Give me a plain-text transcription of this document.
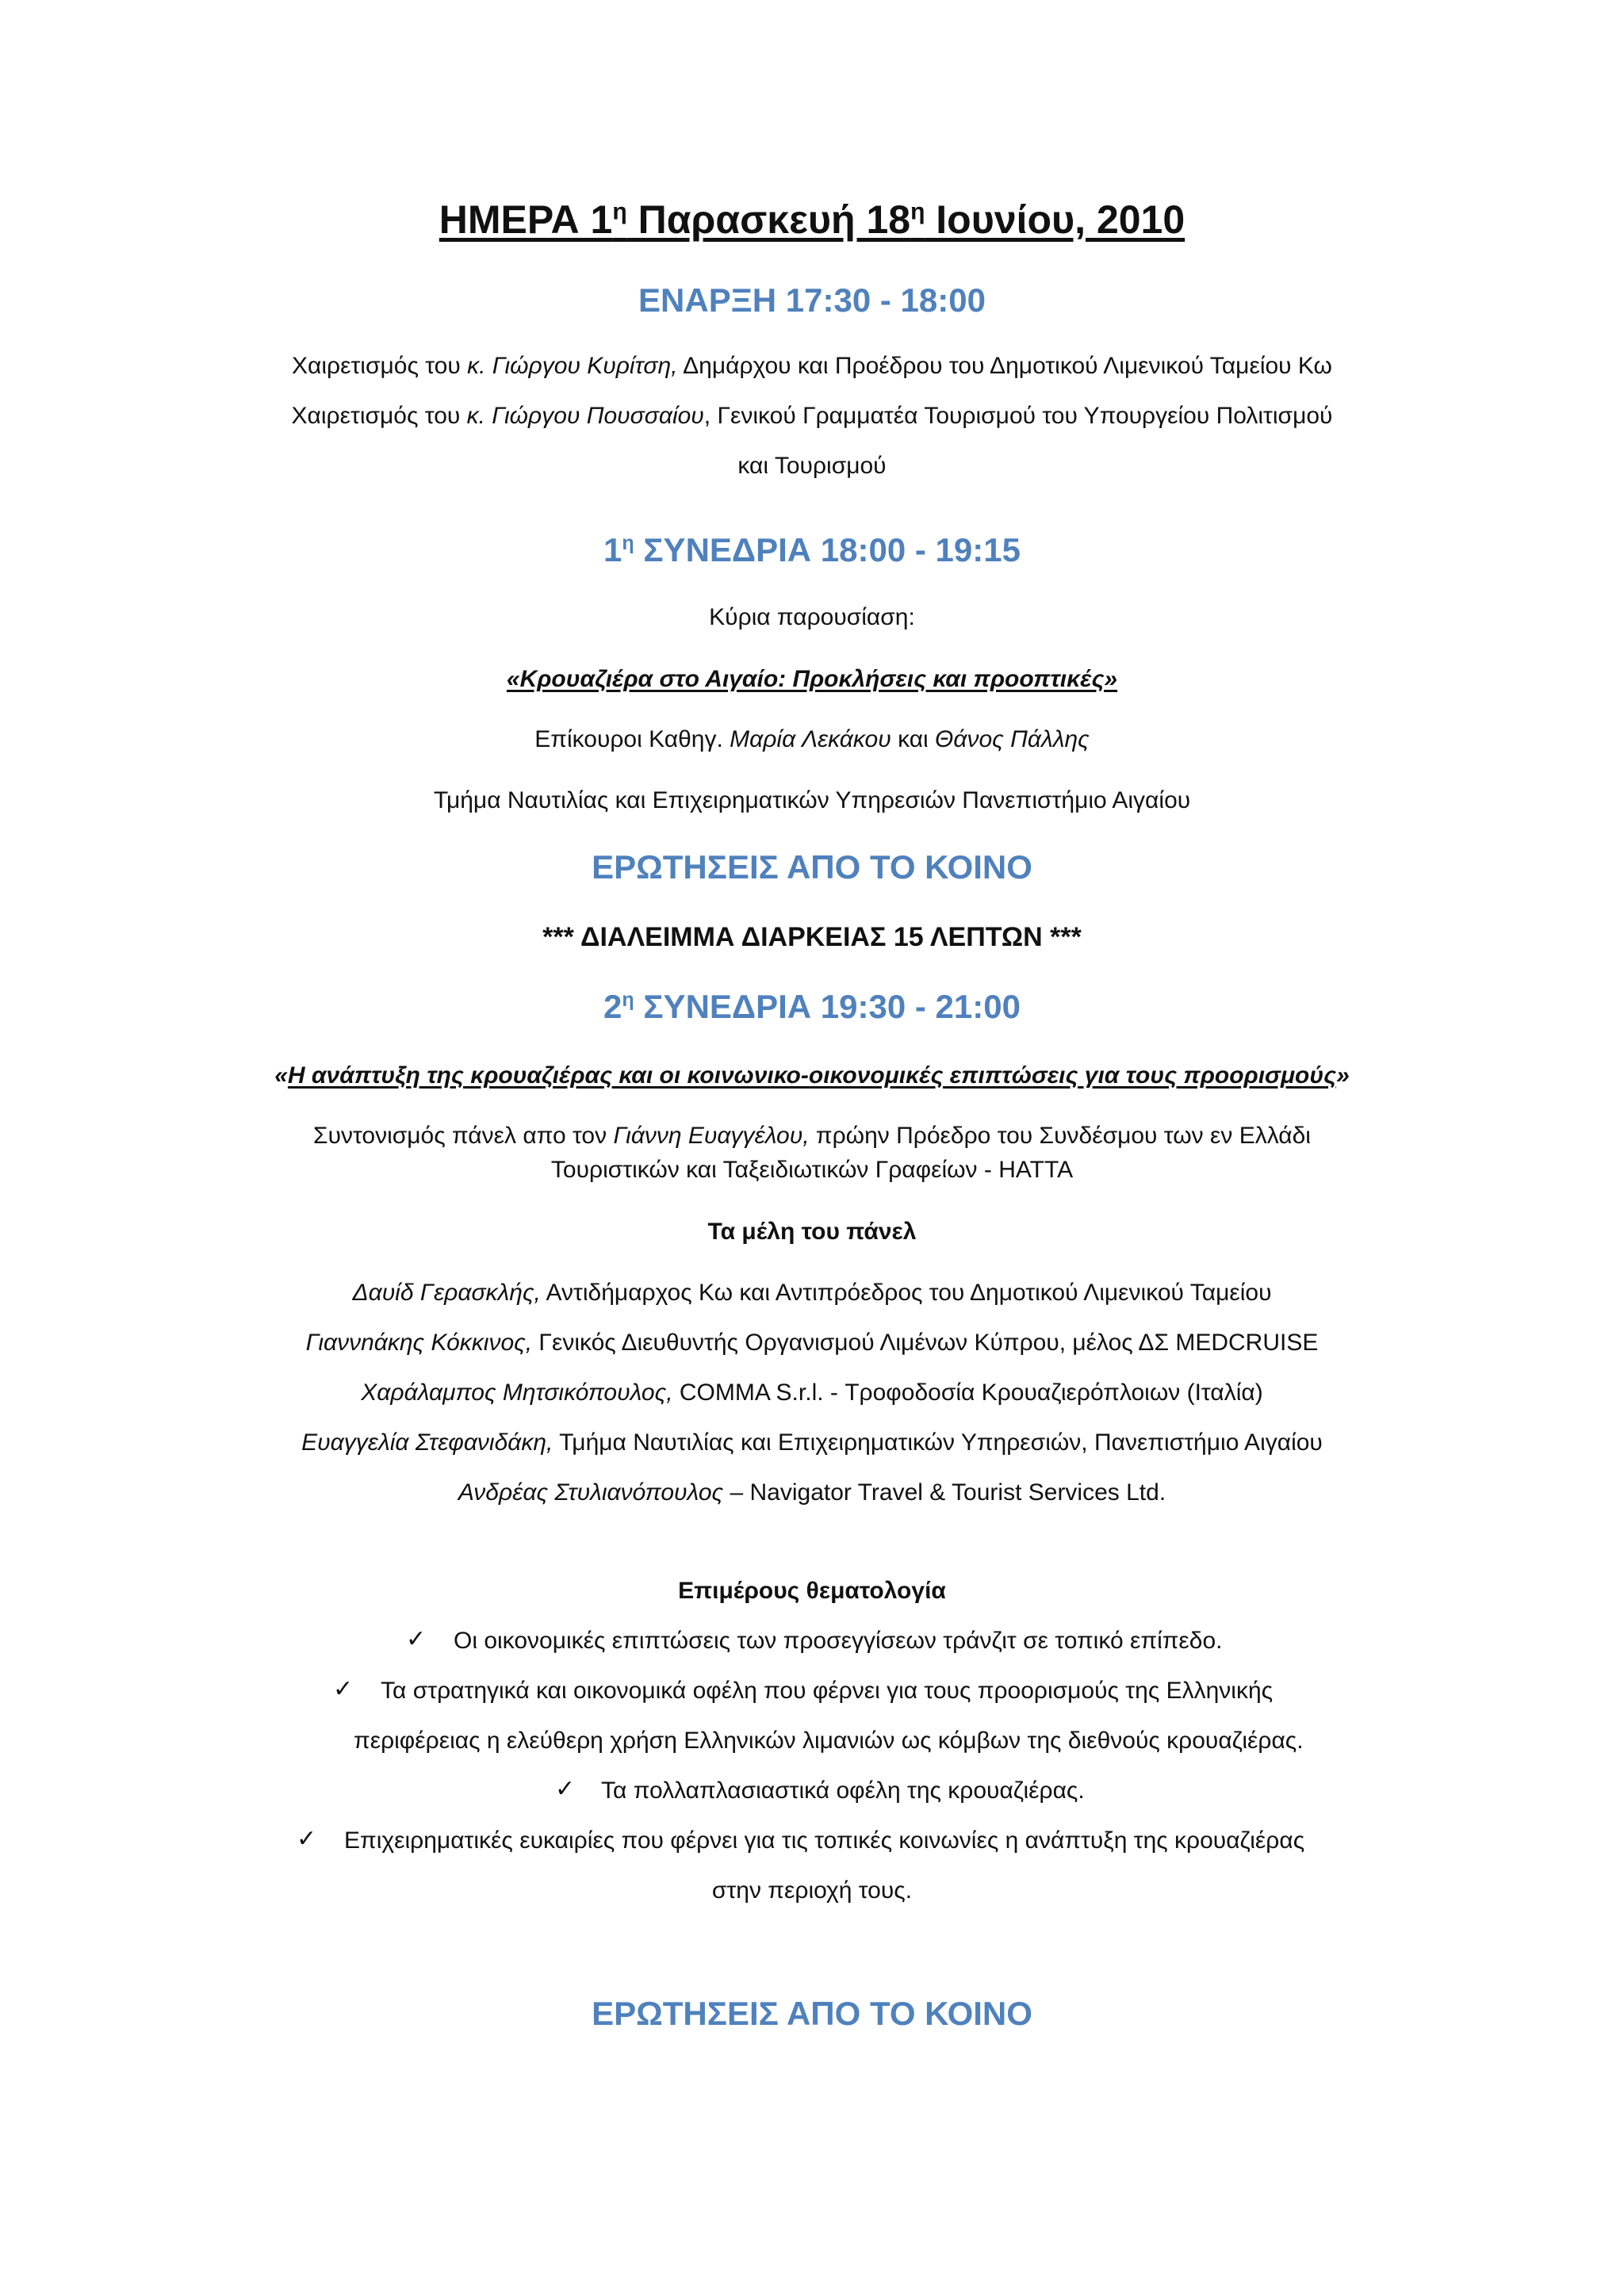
ΗΜΕΡΑ $1^\eta$ Παρασκευή $18^\eta$ Ιουνίου, 2010
ΕΝΑΡΞΗ 17:30 - 18:00
Χαιρετισμός του κ. Γιώργου Κυρίτση, Δημάρχου και Προέδρου του Δημοτικού Λιμενικού Ταμείου Κω
Χαιρετισμός του κ. Γιώργου Πουσσαίου, Γενικού Γραμματέα Τουρισμού του Υπουργείου Πολιτισμού
και Τουρισμού
$1^\eta$ ΣΥΝΕΔΡΙΑ 18:00 - 19:15
Κύρια παρουσίαση:
«Κρουαζιέρα στο Αιγαίο: Προκλήσεις και προοπτικές»
Επίκουροι Καθηγ. Μαρία Λεκάκου και Θάνος Πάλλης
Τμήμα Ναυτιλίας και Επιχειρηματικών Υπηρεσιών Πανεπιστήμιο Αιγαίου
ΕΡΩΤΗΣΕΙΣ ΑΠΟ ΤΟ ΚΟΙΝΟ
*** ΔΙΑΛΕΙΜΜΑ ΔΙΑΡΚΕΙΑΣ 15 ΛΕΠΤΩΝ ***
$2^\eta$ ΣΥΝΕΔΡΙΑ 19:30 - 21:00
«Η ανάπτυξη της κρουαζιέρας και οι κοινωνικο-οικονομικές επιπτώσεις για τους προορισμούς»
Συντονισμός πάνελ απο τον Γιάννη Ευαγγέλου, πρώην Πρόεδρο του Συνδέσμου των εν Ελλάδι
Τουριστικών και Ταξειδιωτικών Γραφείων - HATTA
Τα μέλη του πάνελ
Δαυίδ Γερασκλής, Αντιδήμαρχος Κω και Αντιπρόεδρος του Δημοτικού Λιμενικού Ταμείου
Γιαννnάκης Κόκκινος, Γενικός Διευθυντής Οργανισμού Λιμένων Κύπρου, μέλος ΔΣ MEDCRUISE
Χαράλαμπος Μητσικόπουλος, COMMA S.r.l. - Τροφοδοσία Κρουαζιερόπλοιων (Ιταλία)
Ευαγγελία Στεφανιδάκη, Τμήμα Ναυτιλίας και Επιχειρηματικών Υπηρεσιών, Πανεπιστήμιο Αιγαίου
Ανδρέας Στυλιανόπουλος – Navigator Travel & Tourist Services Ltd.
Επιμέρους θεματολογία
✓ Οι οικονομικές επιπτώσεις των προσεγγίσεων τράνζιτ σε τοπικό επίπεδο.
✓ Τα στρατηγικά και οικονομικά οφέλη που φέρνει για τους προορισμούς της Ελληνικής
περιφέρειας η ελεύθερη χρήση Ελληνικών λιμανιών ως κόμβων της διεθνούς κρουαζιέρας.
✓ Τα πολλαπλασιαστικά οφέλη της κρουαζιέρας.
✓ Επιχειρηματικές ευκαιρίες που φέρνει για τις τοπικές κοινωνίες η ανάπτυξη της κρουαζιέρας
στην περιοχή τους.
ΕΡΩΤΗΣΕΙΣ ΑΠΟ ΤΟ ΚΟΙΝΟ
